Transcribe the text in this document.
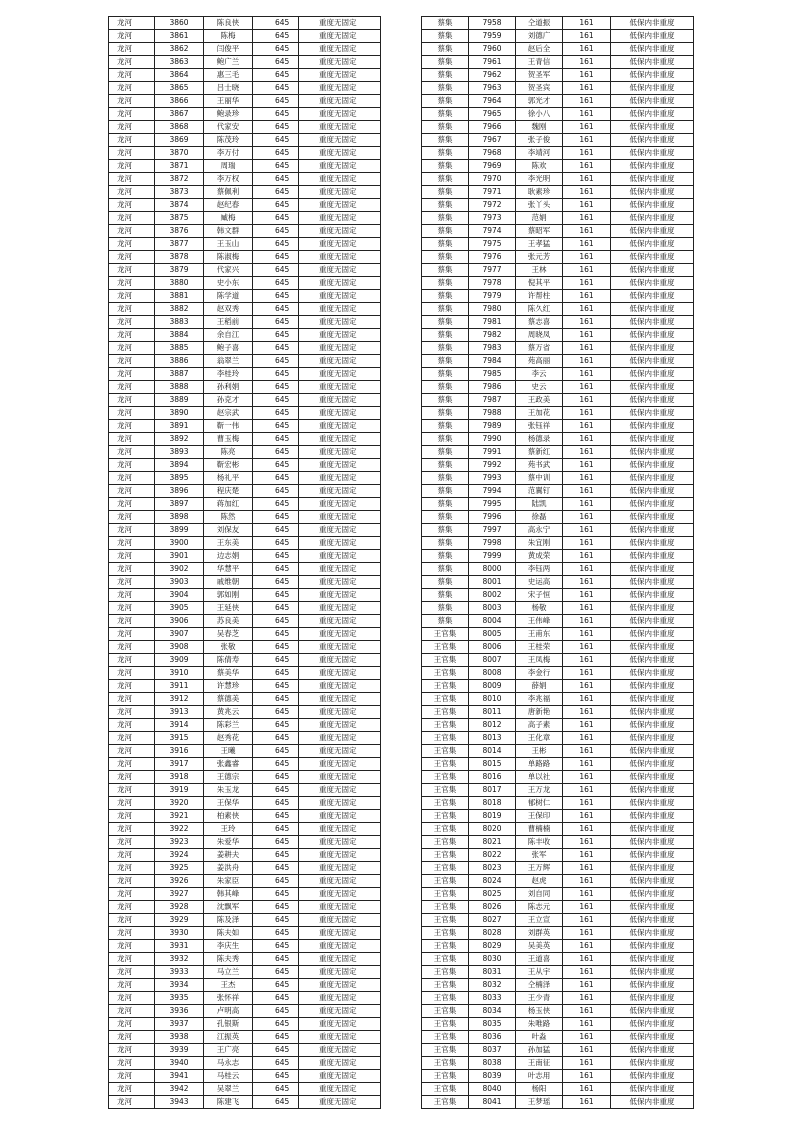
龙河	3860	陈良侠	645	重度无固定
龙河	3861	陈梅	645	重度无固定
龙河	3862	闫俊平	645	重度无固定
龙河	3863	鲍广兰	645	重度无固定
龙河	3864	惠三毛	645	重度无固定
龙河	3865	吕士晓	645	重度无固定
龙河	3866	王丽华	645	重度无固定
龙河	3867	鲍录珍	645	重度无固定
龙河	3868	代家安	645	重度无固定
龙河	3869	陈茂玲	645	重度无固定
龙河	3870	李万付	645	重度无固定
龙河	3871	周瑞	645	重度无固定
龙河	3872	李万权	645	重度无固定
龙河	3873	蔡佩利	645	重度无固定
龙河	3874	赵纪春	645	重度无固定
龙河	3875	臧梅	645	重度无固定
龙河	3876	韩文群	645	重度无固定
龙河	3877	王玉山	645	重度无固定
龙河	3878	陈淑梅	645	重度无固定
龙河	3879	代家兴	645	重度无固定
龙河	3880	史小东	645	重度无固定
龙河	3881	陈学道	645	重度无固定
龙河	3882	赵双秀	645	重度无固定
龙河	3883	王稻前	645	重度无固定
龙河	3884	余自江	645	重度无固定
龙河	3885	鲍子喜	645	重度无固定
龙河	3886	翁翠兰	645	重度无固定
龙河	3887	李桂玲	645	重度无固定
龙河	3888	孙利娟	645	重度无固定
龙河	3889	孙克才	645	重度无固定
龙河	3890	赵宗武	645	重度无固定
龙河	3891	靳一伟	645	重度无固定
龙河	3892	曹玉梅	645	重度无固定
龙河	3893	陈亮	645	重度无固定
龙河	3894	靳宏彬	645	重度无固定
龙河	3895	杨礼平	645	重度无固定
龙河	3896	程庆楚	645	重度无固定
龙河	3897	蒋加红	645	重度无固定
龙河	3898	陈然	645	重度无固定
龙河	3899	刘保友	645	重度无固定
龙河	3900	王东美	645	重度无固定
龙河	3901	边志娟	645	重度无固定
龙河	3902	华慧平	645	重度无固定
龙河	3903	戚维朝	645	重度无固定
龙河	3904	郭如刚	645	重度无固定
龙河	3905	王延侠	645	重度无固定
龙河	3906	苏良美	645	重度无固定
龙河	3907	吴春芝	645	重度无固定
龙河	3908	张敬	645	重度无固定
龙河	3909	陈倩寿	645	重度无固定
龙河	3910	蔡美华	645	重度无固定
龙河	3911	许慧珍	645	重度无固定
龙河	3912	蔡德美	645	重度无固定
龙河	3913	黄兆云	645	重度无固定
龙河	3914	陈彩兰	645	重度无固定
龙河	3915	赵秀花	645	重度无固定
龙河	3916	王曦	645	重度无固定
龙河	3917	张鑫睿	645	重度无固定
龙河	3918	王德宗	645	重度无固定
龙河	3919	朱玉龙	645	重度无固定
龙河	3920	王保华	645	重度无固定
龙河	3921	柏素侠	645	重度无固定
龙河	3922	王玲	645	重度无固定
龙河	3923	朱爱华	645	重度无固定
龙河	3924	姜耕夫	645	重度无固定
龙河	3925	姜洪舟	645	重度无固定
龙河	3926	朱家臣	645	重度无固定
龙河	3927	韩其峰	645	重度无固定
龙河	3928	沈飘军	645	重度无固定
龙河	3929	陈及泽	645	重度无固定
龙河	3930	陈夫如	645	重度无固定
龙河	3931	李庆生	645	重度无固定
龙河	3932	陈夫秀	645	重度无固定
龙河	3933	马立兰	645	重度无固定
龙河	3934	王杰	645	重度无固定
龙河	3935	张怀祥	645	重度无固定
龙河	3936	卢明高	645	重度无固定
龙河	3937	孔银斯	645	重度无固定
龙河	3938	江振英	645	重度无固定
龙河	3939	王广亮	645	重度无固定
龙河	3940	马永志	645	重度无固定
龙河	3941	马桂云	645	重度无固定
龙河	3942	吴翠兰	645	重度无固定
龙河	3943	陈建飞	645	重度无固定
蔡集	7958	仝道振	161	低保内非重度
蔡集	7959	刘德广	161	低保内非重度
蔡集	7960	赵后全	161	低保内非重度
蔡集	7961	王青信	161	低保内非重度
蔡集	7962	贺圣军	161	低保内非重度
蔡集	7963	贺圣宾	161	低保内非重度
蔡集	7964	郭光才	161	低保内非重度
蔡集	7965	徐小八	161	低保内非重度
蔡集	7966	魏刚	161	低保内非重度
蔡集	7967	张子俊	161	低保内非重度
蔡集	7968	李靖河	161	低保内非重度
蔡集	7969	陈欢	161	低保内非重度
蔡集	7970	李光明	161	低保内非重度
蔡集	7971	耿素珍	161	低保内非重度
蔡集	7972	张丫头	161	低保内非重度
蔡集	7973	范娟	161	低保内非重度
蔡集	7974	蔡昭军	161	低保内非重度
蔡集	7975	王孝猛	161	低保内非重度
蔡集	7976	张元芳	161	低保内非重度
蔡集	7977	王林	161	低保内非重度
蔡集	7978	倪其平	161	低保内非重度
蔡集	7979	许帮柱	161	低保内非重度
蔡集	7980	陈久红	161	低保内非重度
蔡集	7981	蔡志喜	161	低保内非重度
蔡集	7982	周晓凤	161	低保内非重度
蔡集	7983	蔡万省	161	低保内非重度
蔡集	7984	苑高丽	161	低保内非重度
蔡集	7985	李云	161	低保内非重度
蔡集	7986	史云	161	低保内非重度
蔡集	7987	王政美	161	低保内非重度
蔡集	7988	王加花	161	低保内非重度
蔡集	7989	张钰祥	161	低保内非重度
蔡集	7990	杨德录	161	低保内非重度
蔡集	7991	蔡新红	161	低保内非重度
蔡集	7992	苑书武	161	低保内非重度
蔡集	7993	蔡中训	161	低保内非重度
蔡集	7994	范翼钉	161	低保内非重度
蔡集	7995	陆凯	161	低保内非重度
蔡集	7996	徐磊	161	低保内非重度
蔡集	7997	高永宁	161	低保内非重度
蔡集	7998	朱宜刚	161	低保内非重度
蔡集	7999	黄成荣	161	低保内非重度
蔡集	8000	李钰两	161	低保内非重度
蔡集	8001	史运高	161	低保内非重度
蔡集	8002	宋子恒	161	低保内非重度
蔡集	8003	杨敬	161	低保内非重度
蔡集	8004	王伟峰	161	低保内非重度
王官集	8005	王甫东	161	低保内非重度
王官集	8006	王桂荣	161	低保内非重度
王官集	8007	王凤梅	161	低保内非重度
王官集	8008	李金行	161	低保内非重度
王官集	8009	薛娟	161	低保内非重度
王官集	8010	李兆福	161	低保内非重度
王官集	8011	唐新艳	161	低保内非重度
王官集	8012	高子素	161	低保内非重度
王官集	8013	王化章	161	低保内非重度
王官集	8014	王彬	161	低保内非重度
王官集	8015	单路路	161	低保内非重度
王官集	8016	单以社	161	低保内非重度
王官集	8017	王万龙	161	低保内非重度
王官集	8018	郁树仁	161	低保内非重度
王官集	8019	王保印	161	低保内非重度
王官集	8020	曹楠楠	161	低保内非重度
王官集	8021	陈丰收	161	低保内非重度
王官集	8022	张军	161	低保内非重度
王官集	8023	王万辉	161	低保内非重度
王官集	8024	赵虎	161	低保内非重度
王官集	8025	刘自同	161	低保内非重度
王官集	8026	陈志元	161	低保内非重度
王官集	8027	王立宣	161	低保内非重度
王官集	8028	刘群英	161	低保内非重度
王官集	8029	吴美英	161	低保内非重度
王官集	8030	王道喜	161	低保内非重度
王官集	8031	王从宇	161	低保内非重度
王官集	8032	仝楠泽	161	低保内非重度
王官集	8033	王少青	161	低保内非重度
王官集	8034	杨玉侠	161	低保内非重度
王官集	8035	朱唯路	161	低保内非重度
王官集	8036	叶淼	161	低保内非重度
王官集	8037	孙加猛	161	低保内非重度
王官集	8038	王南征	161	低保内非重度
王官集	8039	叶志用	161	低保内非重度
王官集	8040	杨阳	161	低保内非重度
王官集	8041	王梦瑶	161	低保内非重度
